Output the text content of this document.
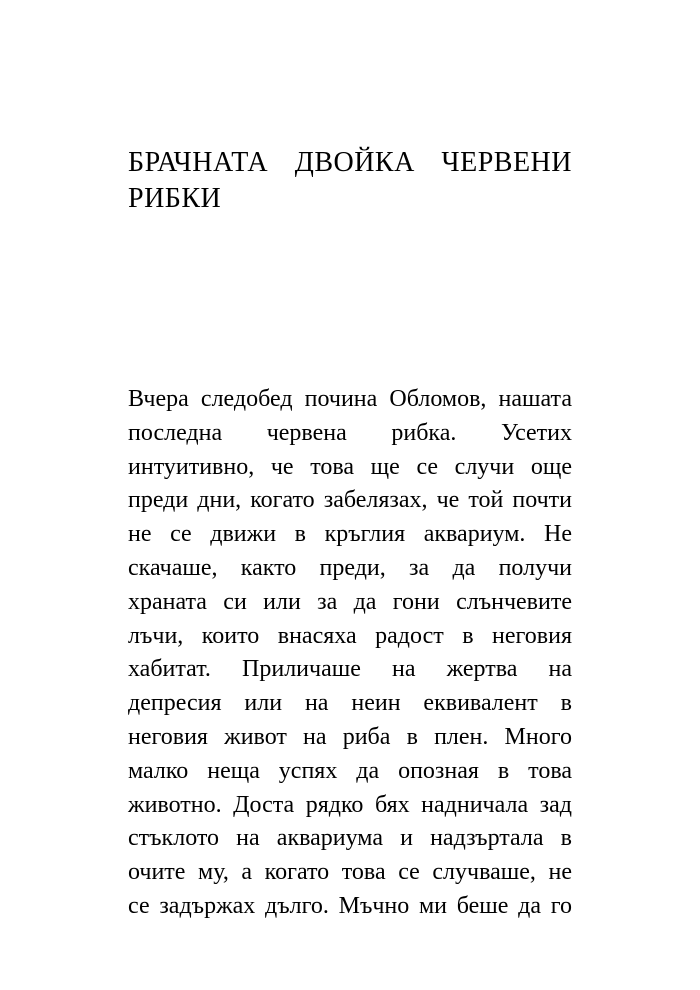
БРАЧНАТА ДВОЙКА ЧЕРВЕНИ
РИБКИ
Вчера следобед почина Обломов, нашата
последна червена рибка. Усетих
интуитивно, че това ще се случи още
преди дни, когато забелязах, че той почти
не се движи в кръглия аквариум. Не
скачаше, както преди, за да получи
храната си или за да гони слънчевите
лъчи, които внасяха радост в неговия
хабитат. Приличаше на жертва на
депресия или на неин еквивалент в
неговия живот на риба в плен. Много
малко неща успях да опозная в това
животно. Доста рядко бях надничала зад
стъклото на аквариума и надзъртала в
очите му, а когато това се случваше, не
се задържах дълго. Мъчно ми беше да го
